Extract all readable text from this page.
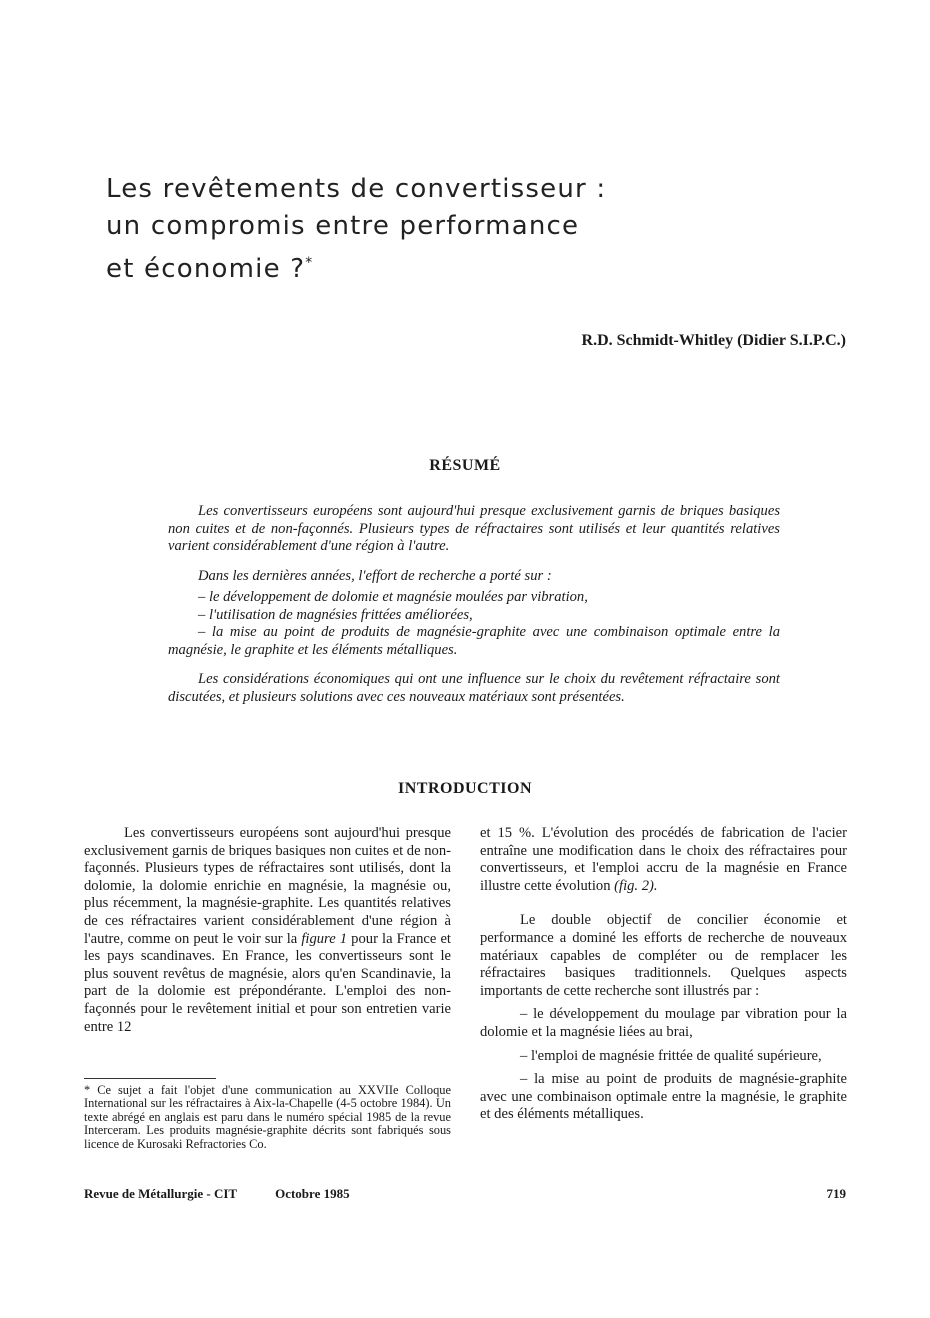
Les revêtements de convertisseur :
un compromis entre performance
et économie ?*
R.D. Schmidt-Whitley (Didier S.I.P.C.)
RÉSUMÉ

Les convertisseurs européens sont aujourd'hui presque exclusivement garnis de briques basiques non cuites et de non-façonnés. Plusieurs types de réfractaires sont utilisés et leur quantités relatives varient considérablement d'une région à l'autre.

Dans les dernières années, l'effort de recherche a porté sur :

– le développement de dolomie et magnésie moulées par vibration,

– l'utilisation de magnésies frittées améliorées,

– la mise au point de produits de magnésie-graphite avec une combinaison optimale entre la magnésie, le graphite et les éléments métalliques.

Les considérations économiques qui ont une influence sur le choix du revêtement réfractaire sont discutées, et plusieurs solutions avec ces nouveaux matériaux sont présentées.

INTRODUCTION

Les convertisseurs européens sont aujourd'hui presque exclusivement garnis de briques basiques non cuites et de non-façonnés. Plusieurs types de réfractaires sont utilisés, dont la dolomie, la dolomie enrichie en magnésie, la magnésie ou, plus récemment, la magnésie-graphite. Les quantités relatives de ces réfractaires varient considérablement d'une région à l'autre, comme on peut le voir sur la figure 1 pour la France et les pays scandinaves. En France, les convertisseurs sont le plus souvent revêtus de magnésie, alors qu'en Scandinavie, la part de la dolomie est prépondérante. L'emploi des non-façonnés pour le revêtement initial et pour son entretien varie entre 12

et 15 %. L'évolution des procédés de fabrication de l'acier entraîne une modification dans le choix des réfractaires pour convertisseurs, et l'emploi accru de la magnésie en France illustre cette évolution (fig. 2).

Le double objectif de concilier économie et performance a dominé les efforts de recherche de nouveaux matériaux capables de compléter ou de remplacer les réfractaires basiques traditionnels. Quelques aspects importants de cette recherche sont illustrés par :

– le développement du moulage par vibration pour la dolomie et la magnésie liées au brai,

– l'emploi de magnésie frittée de qualité supérieure,

– la mise au point de produits de magnésie-graphite avec une combinaison optimale entre la magnésie, le graphite et des éléments métalliques.

* Ce sujet a fait l'objet d'une communication au XXVIIe Colloque International sur les réfractaires à Aix-la-Chapelle (4-5 octobre 1984). Un texte abrégé en anglais est paru dans le numéro spécial 1985 de la revue Interceram. Les produits magnésie-graphite décrits sont fabriqués sous licence de Kurosaki Refractories Co.
Revue de Métallurgie - CIT	Octobre 1985	719
